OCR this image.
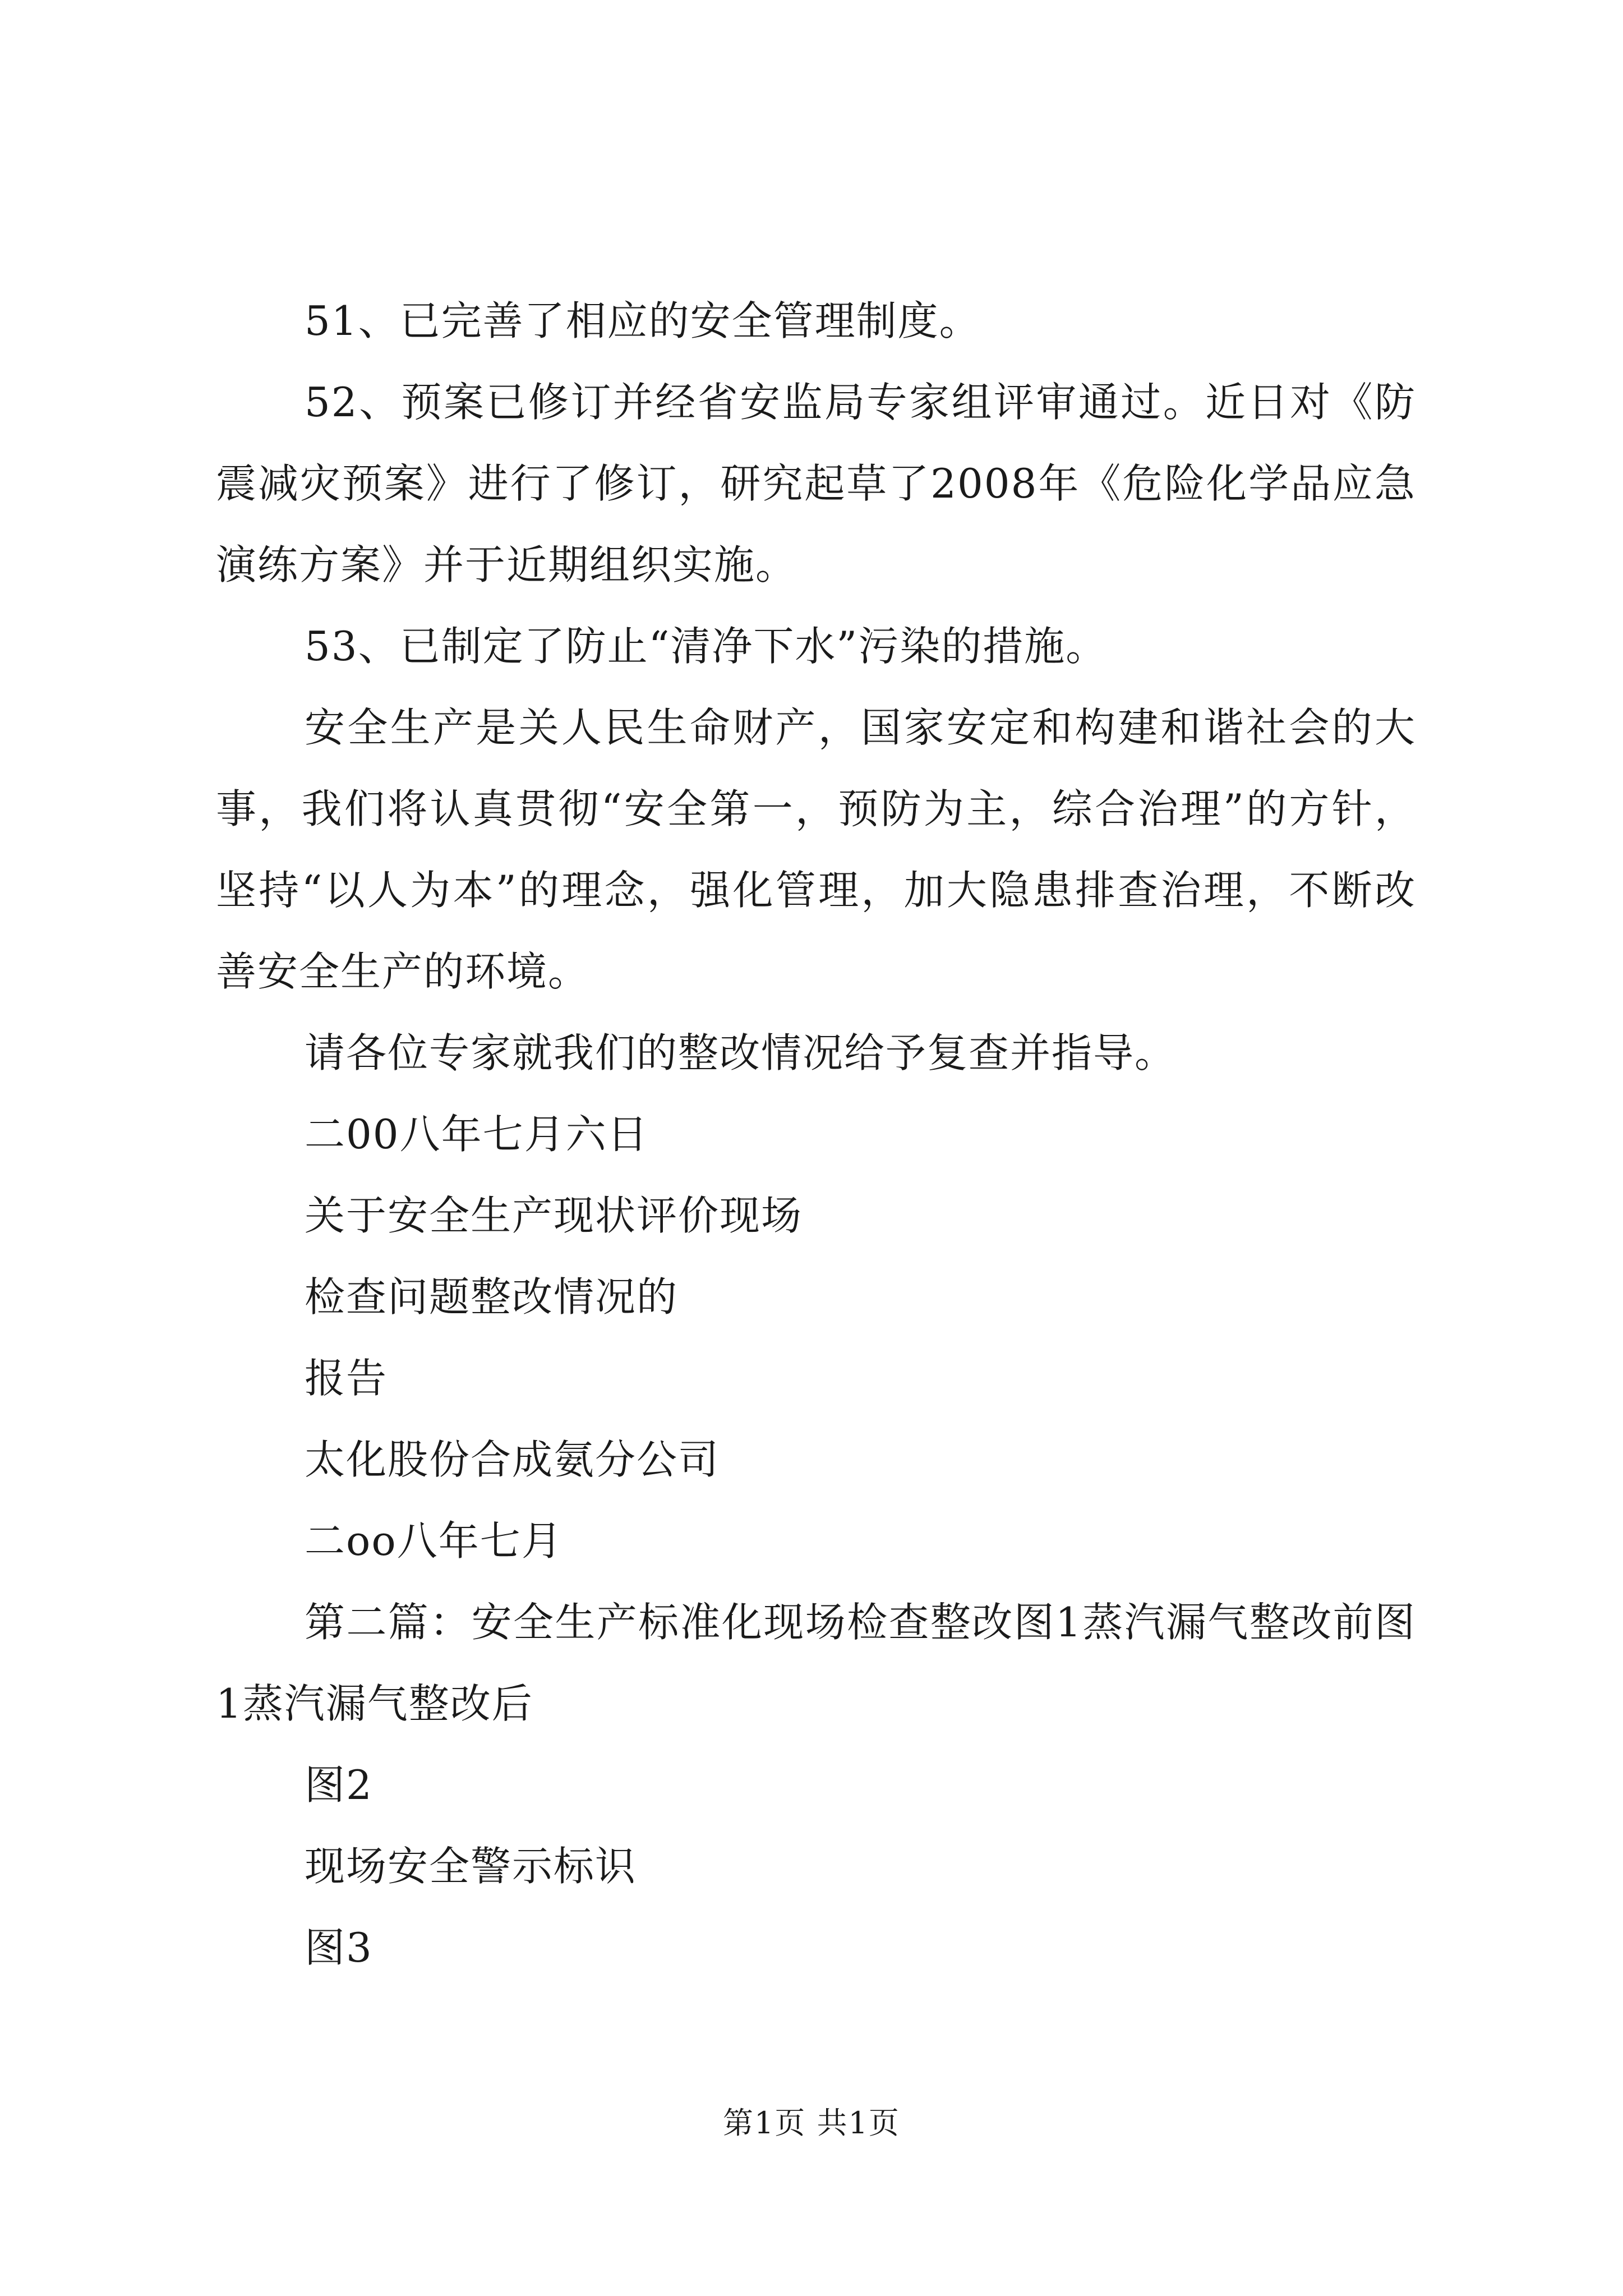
51、已完善了相应的安全管理制度。

52、预案已修订并经省安监局专家组评审通过。近日对《防震减灾预案》进行了修订，研究起草了2008年《危险化学品应急演练方案》并于近期组织实施。

53、已制定了防止“清净下水”污染的措施。

安全生产是关人民生命财产，国家安定和构建和谐社会的大事，我们将认真贯彻“安全第一，预防为主，综合治理”的方针，坚持“以人为本”的理念，强化管理，加大隐患排查治理，不断改善安全生产的环境。

请各位专家就我们的整改情况给予复查并指导。

二00八年七月六日

关于安全生产现状评价现场

检查问题整改情况的

报告

太化股份合成氨分公司

二oo八年七月

第二篇：安全生产标准化现场检查整改图1蒸汽漏气整改前图1蒸汽漏气整改后

图2

现场安全警示标识

图3

第1页 共1页
